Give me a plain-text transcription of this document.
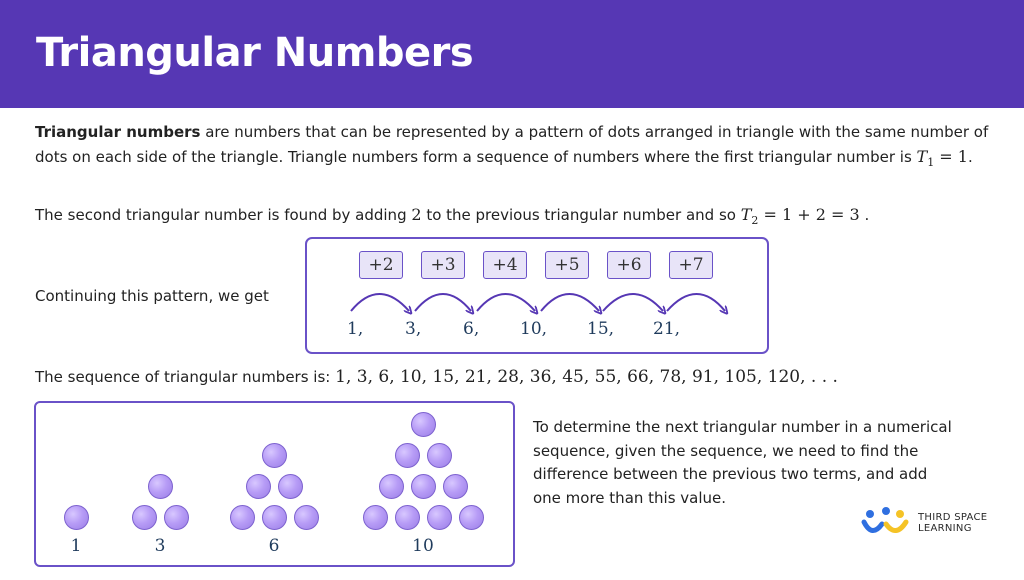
Triangular Numbers
Triangular numbers are numbers that can be represented by a pattern of dots arranged in triangle with the same number of dots on each side of the triangle. Triangle numbers form a sequence of numbers where the first triangular number is $T_1 = 1$.
The second triangular number is found by adding 2 to the previous triangular number and so $T_2 = 1 + 2 = 3$ .
Continuing this pattern, we get
+2	+3	+4	+5	+6	+7
1, 3, 6, 10, 15, 21,
The sequence of triangular numbers is: 1, 3, 6, 10, 15, 21, 28, 36, 45, 55, 66, 78, 91, 105, 120, . . .
1	3	6	10
To determine the next triangular number in a numerical sequence, given the sequence, we need to find the difference between the previous two terms, and add one more than this value.
THIRD SPACE
LEARNING
